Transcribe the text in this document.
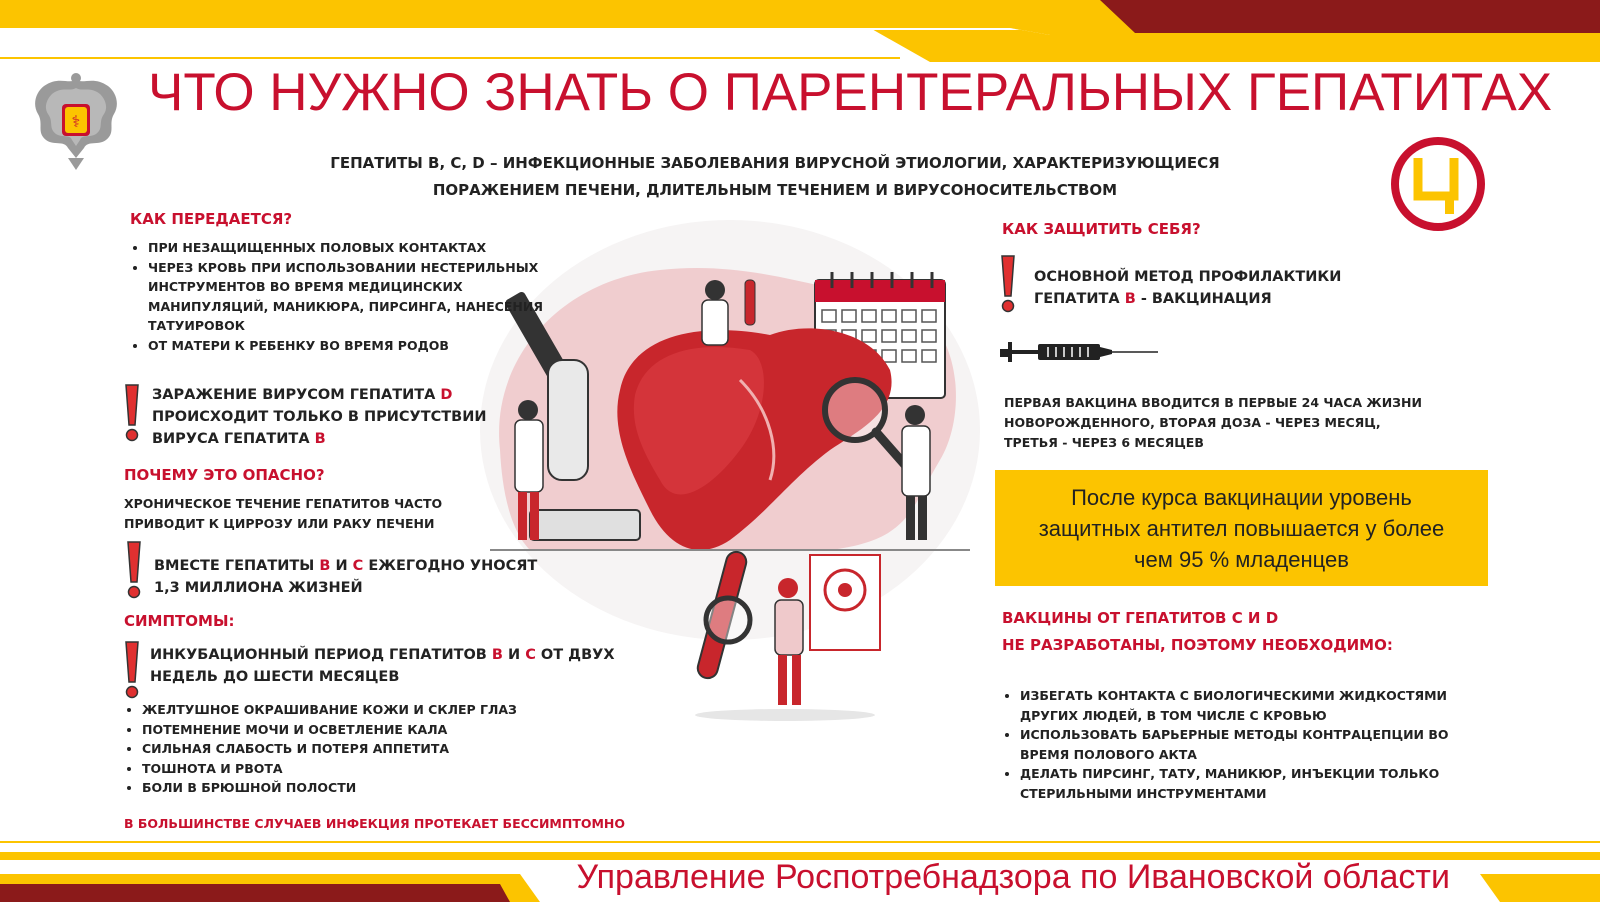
⚕ ЧТО НУЖНО ЗНАТЬ О ПАРЕНТЕРАЛЬНЫХ ГЕПАТИТАХ
ГЕПАТИТЫ В, С, D – ИНФЕКЦИОННЫЕ ЗАБОЛЕВАНИЯ ВИРУСНОЙ ЭТИОЛОГИИ, ХАРАКТЕРИЗУЮЩИЕСЯ
ПОРАЖЕНИЕМ ПЕЧЕНИ, ДЛИТЕЛЬНЫМ ТЕЧЕНИЕМ И ВИРУСОНОСИТЕЛЬСТВОМ
КАК ПЕРЕДАЕТСЯ?
• ПРИ НЕЗАЩИЩЕННЫХ ПОЛОВЫХ КОНТАКТАХ
• ЧЕРЕЗ КРОВЬ ПРИ ИСПОЛЬЗОВАНИИ НЕСТЕРИЛЬНЫХ ИНСТРУМЕНТОВ ВО ВРЕМЯ МЕДИЦИНСКИХ МАНИПУЛЯЦИЙ, МАНИКЮРА, ПИРСИНГА, НАНЕСЕНИЯ ТАТУИРОВОК
• ОТ МАТЕРИ К РЕБЕНКУ ВО ВРЕМЯ РОДОВ
ЗАРАЖЕНИЕ ВИРУСОМ ГЕПАТИТА D
ПРОИСХОДИТ ТОЛЬКО В ПРИСУТСТВИИ
ВИРУСА ГЕПАТИТА В
ПОЧЕМУ ЭТО ОПАСНО?
ХРОНИЧЕСКОЕ ТЕЧЕНИЕ ГЕПАТИТОВ ЧАСТО
ПРИВОДИТ К ЦИРРОЗУ ИЛИ РАКУ ПЕЧЕНИ
ВМЕСТЕ ГЕПАТИТЫ В И С ЕЖЕГОДНО УНОСЯТ
1,3 МИЛЛИОНА ЖИЗНЕЙ
СИМПТОМЫ:
ИНКУБАЦИОННЫЙ ПЕРИОД ГЕПАТИТОВ В И С ОТ ДВУХ
НЕДЕЛЬ ДО ШЕСТИ МЕСЯЦЕВ
• ЖЕЛТУШНОЕ ОКРАШИВАНИЕ КОЖИ И СКЛЕР ГЛАЗ
• ПОТЕМНЕНИЕ МОЧИ И ОСВЕТЛЕНИЕ КАЛА
• СИЛЬНАЯ СЛАБОСТЬ И ПОТЕРЯ АППЕТИТА
• ТОШНОТА И РВОТА
• БОЛИ В БРЮШНОЙ ПОЛОСТИ
В БОЛЬШИНСТВЕ СЛУЧАЕВ ИНФЕКЦИЯ ПРОТЕКАЕТ БЕССИМПТОМНО
КАК ЗАЩИТИТЬ СЕБЯ?
ОСНОВНОЙ МЕТОД ПРОФИЛАКТИКИ
ГЕПАТИТА В - ВАКЦИНАЦИЯ
ПЕРВАЯ ВАКЦИНА ВВОДИТСЯ В ПЕРВЫЕ 24 ЧАСА ЖИЗНИ
НОВОРОЖДЕННОГО, ВТОРАЯ ДОЗА - ЧЕРЕЗ МЕСЯЦ,
ТРЕТЬЯ - ЧЕРЕЗ 6 МЕСЯЦЕВ
После курса вакцинации уровень
защитных антител повышается у более
чем 95 % младенцев
ВАКЦИНЫ ОТ ГЕПАТИТОВ С И D
НЕ РАЗРАБОТАНЫ, ПОЭТОМУ НЕОБХОДИМО:
• ИЗБЕГАТЬ КОНТАКТА С БИОЛОГИЧЕСКИМИ ЖИДКОСТЯМИ ДРУГИХ ЛЮДЕЙ, В ТОМ ЧИСЛЕ С КРОВЬЮ
• ИСПОЛЬЗОВАТЬ БАРЬЕРНЫЕ МЕТОДЫ КОНТРАЦЕПЦИИ ВО ВРЕМЯ ПОЛОВОГО АКТА
• ДЕЛАТЬ ПИРСИНГ, ТАТУ, МАНИКЮР, ИНЪЕКЦИИ ТОЛЬКО СТЕРИЛЬНЫМИ ИНСТРУМЕНТАМИ
Управление Роспотребнадзора по Ивановской области
